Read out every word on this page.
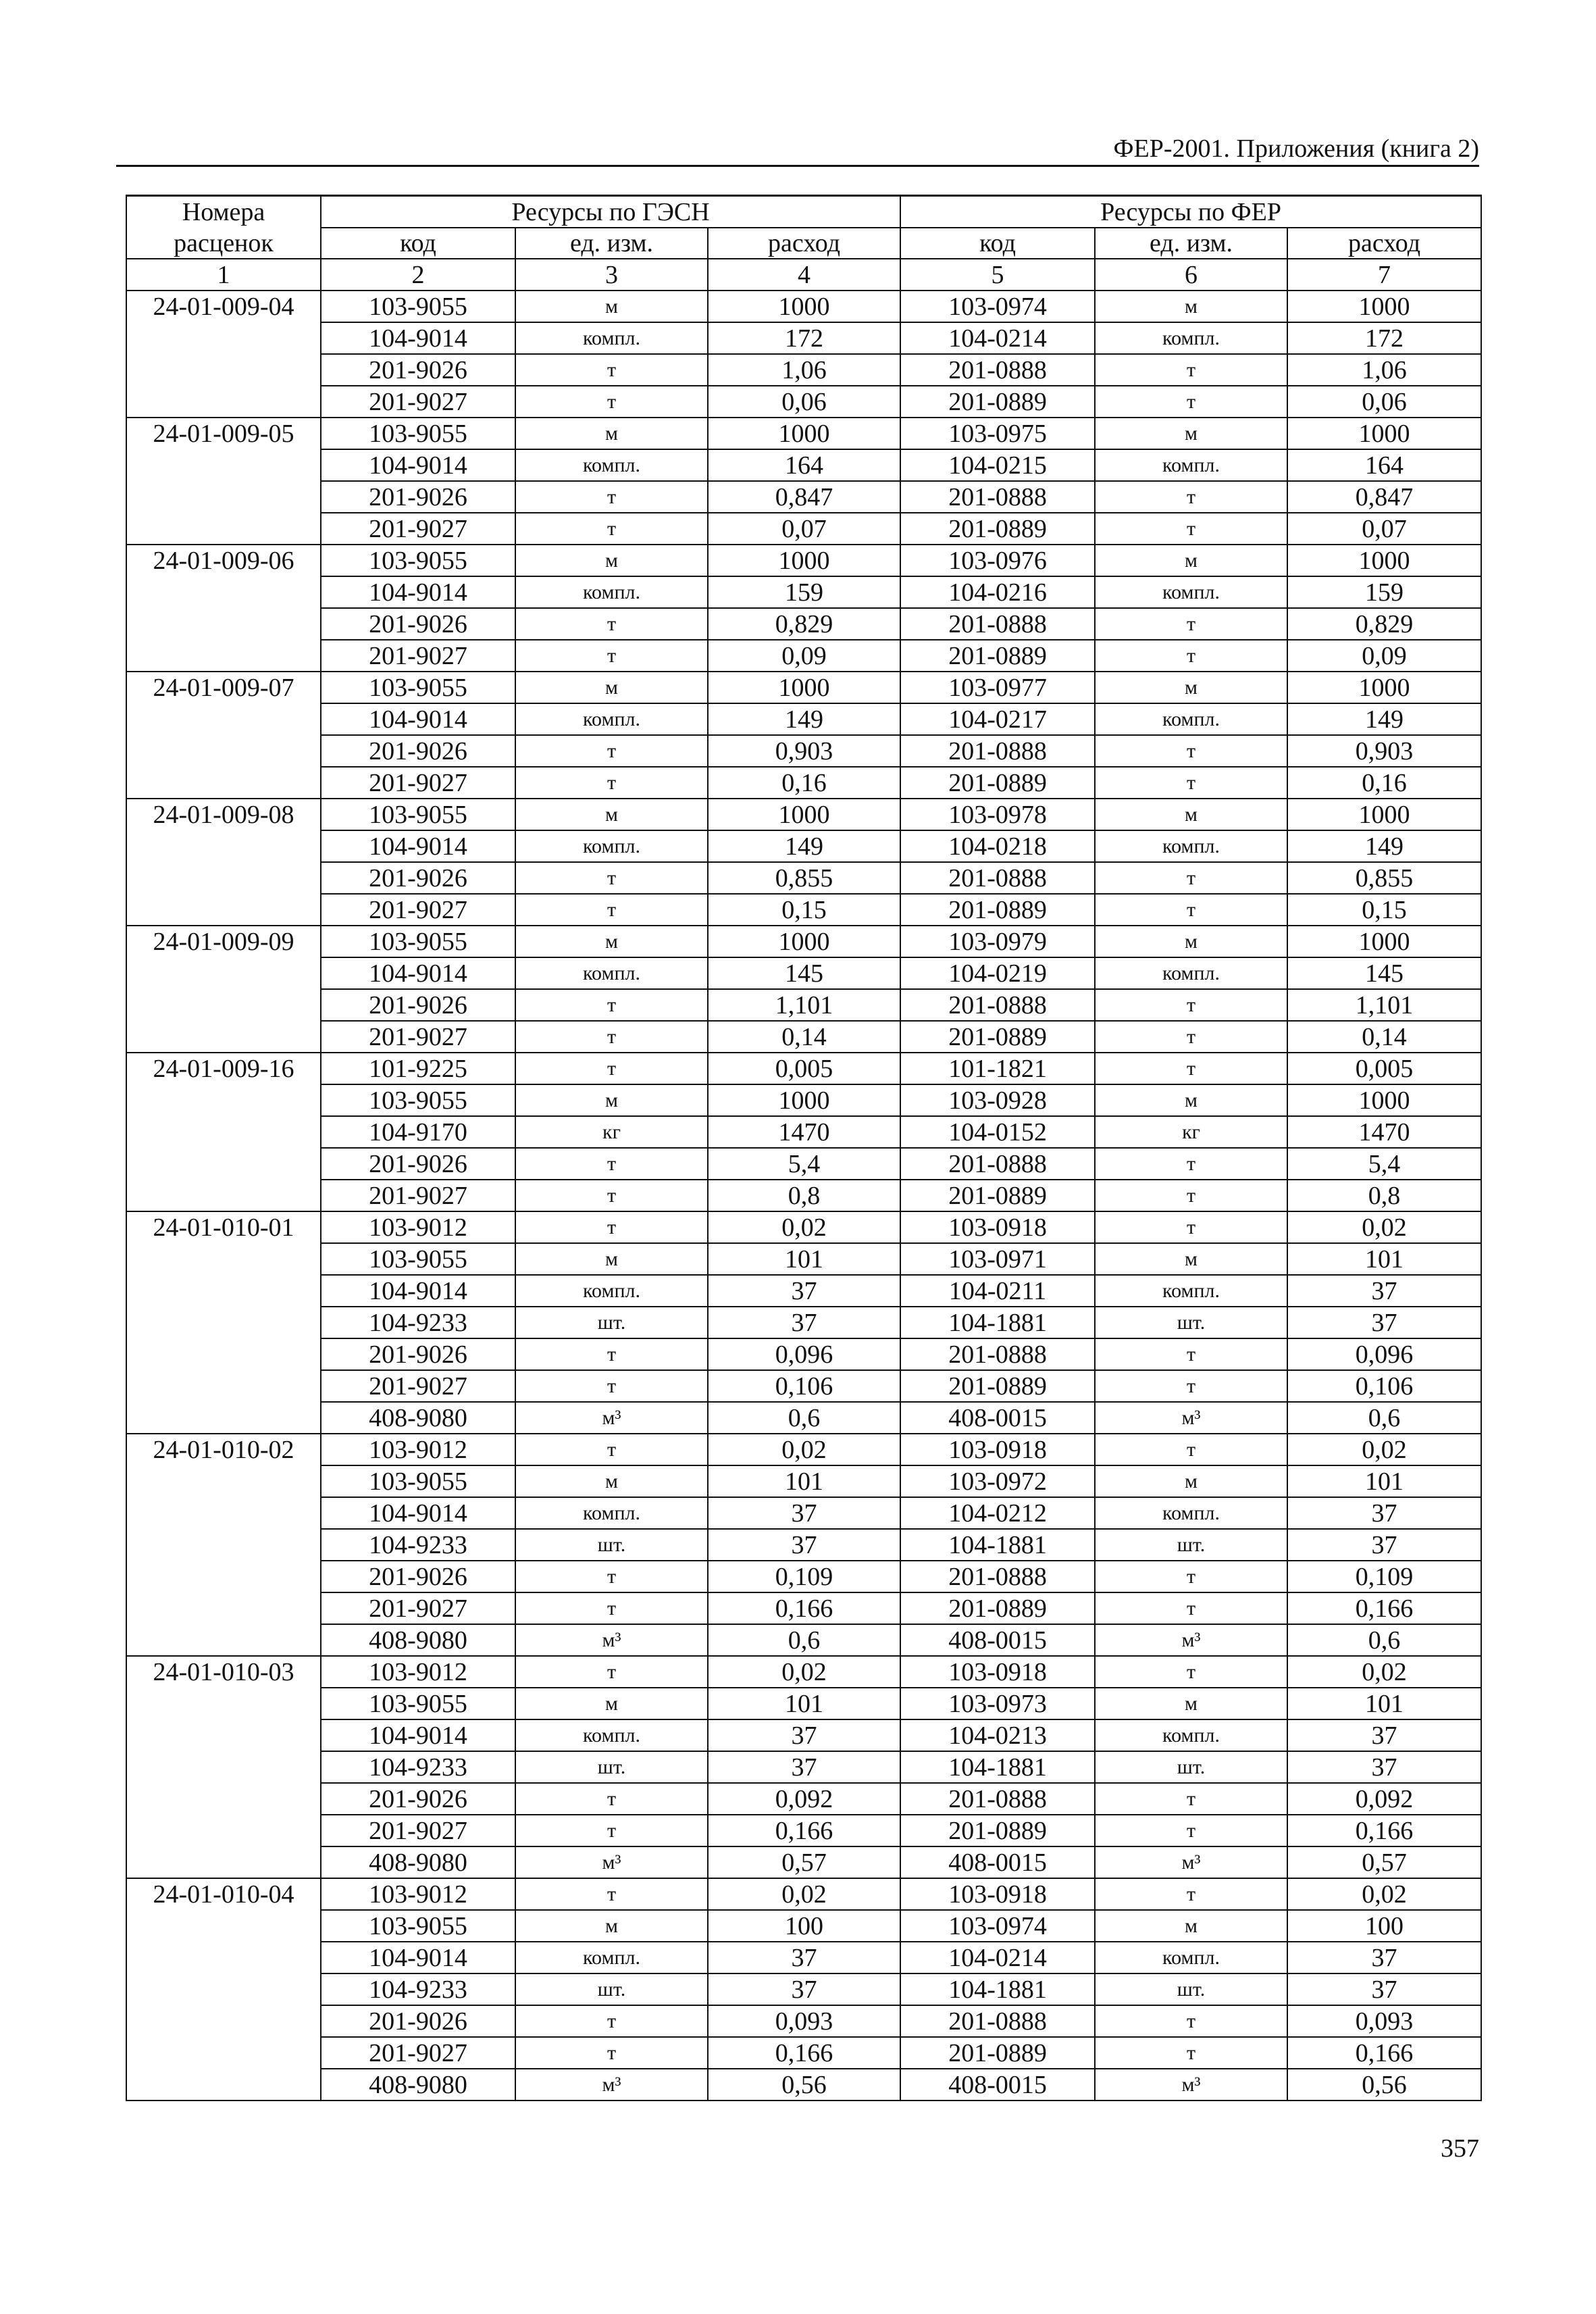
ФЕР-2001. Приложения (книга 2)
Номера	Ресурсы по ГЭСН			Ресурсы по ФЕР		
расценок	код	ед. изм.	расход	код	ед. изм.	расход
1	2	3	4	5	6	7
24-01-009-04	103-9055	м	1000	103-0974	м	1000
	104-9014	компл.	172	104-0214	компл.	172
	201-9026	т	1,06	201-0888	т	1,06
	201-9027	т	0,06	201-0889	т	0,06
24-01-009-05	103-9055	м	1000	103-0975	м	1000
	104-9014	компл.	164	104-0215	компл.	164
	201-9026	т	0,847	201-0888	т	0,847
	201-9027	т	0,07	201-0889	т	0,07
24-01-009-06	103-9055	м	1000	103-0976	м	1000
	104-9014	компл.	159	104-0216	компл.	159
	201-9026	т	0,829	201-0888	т	0,829
	201-9027	т	0,09	201-0889	т	0,09
24-01-009-07	103-9055	м	1000	103-0977	м	1000
	104-9014	компл.	149	104-0217	компл.	149
	201-9026	т	0,903	201-0888	т	0,903
	201-9027	т	0,16	201-0889	т	0,16
24-01-009-08	103-9055	м	1000	103-0978	м	1000
	104-9014	компл.	149	104-0218	компл.	149
	201-9026	т	0,855	201-0888	т	0,855
	201-9027	т	0,15	201-0889	т	0,15
24-01-009-09	103-9055	м	1000	103-0979	м	1000
	104-9014	компл.	145	104-0219	компл.	145
	201-9026	т	1,101	201-0888	т	1,101
	201-9027	т	0,14	201-0889	т	0,14
24-01-009-16	101-9225	т	0,005	101-1821	т	0,005
	103-9055	м	1000	103-0928	м	1000
	104-9170	кг	1470	104-0152	кг	1470
	201-9026	т	5,4	201-0888	т	5,4
	201-9027	т	0,8	201-0889	т	0,8
24-01-010-01	103-9012	т	0,02	103-0918	т	0,02
	103-9055	м	101	103-0971	м	101
	104-9014	компл.	37	104-0211	компл.	37
	104-9233	шт.	37	104-1881	шт.	37
	201-9026	т	0,096	201-0888	т	0,096
	201-9027	т	0,106	201-0889	т	0,106
	408-9080	м³	0,6	408-0015	м³	0,6
24-01-010-02	103-9012	т	0,02	103-0918	т	0,02
	103-9055	м	101	103-0972	м	101
	104-9014	компл.	37	104-0212	компл.	37
	104-9233	шт.	37	104-1881	шт.	37
	201-9026	т	0,109	201-0888	т	0,109
	201-9027	т	0,166	201-0889	т	0,166
	408-9080	м³	0,6	408-0015	м³	0,6
24-01-010-03	103-9012	т	0,02	103-0918	т	0,02
	103-9055	м	101	103-0973	м	101
	104-9014	компл.	37	104-0213	компл.	37
	104-9233	шт.	37	104-1881	шт.	37
	201-9026	т	0,092	201-0888	т	0,092
	201-9027	т	0,166	201-0889	т	0,166
	408-9080	м³	0,57	408-0015	м³	0,57
24-01-010-04	103-9012	т	0,02	103-0918	т	0,02
	103-9055	м	100	103-0974	м	100
	104-9014	компл.	37	104-0214	компл.	37
	104-9233	шт.	37	104-1881	шт.	37
	201-9026	т	0,093	201-0888	т	0,093
	201-9027	т	0,166	201-0889	т	0,166
	408-9080	м³	0,56	408-0015	м³	0,56
357
